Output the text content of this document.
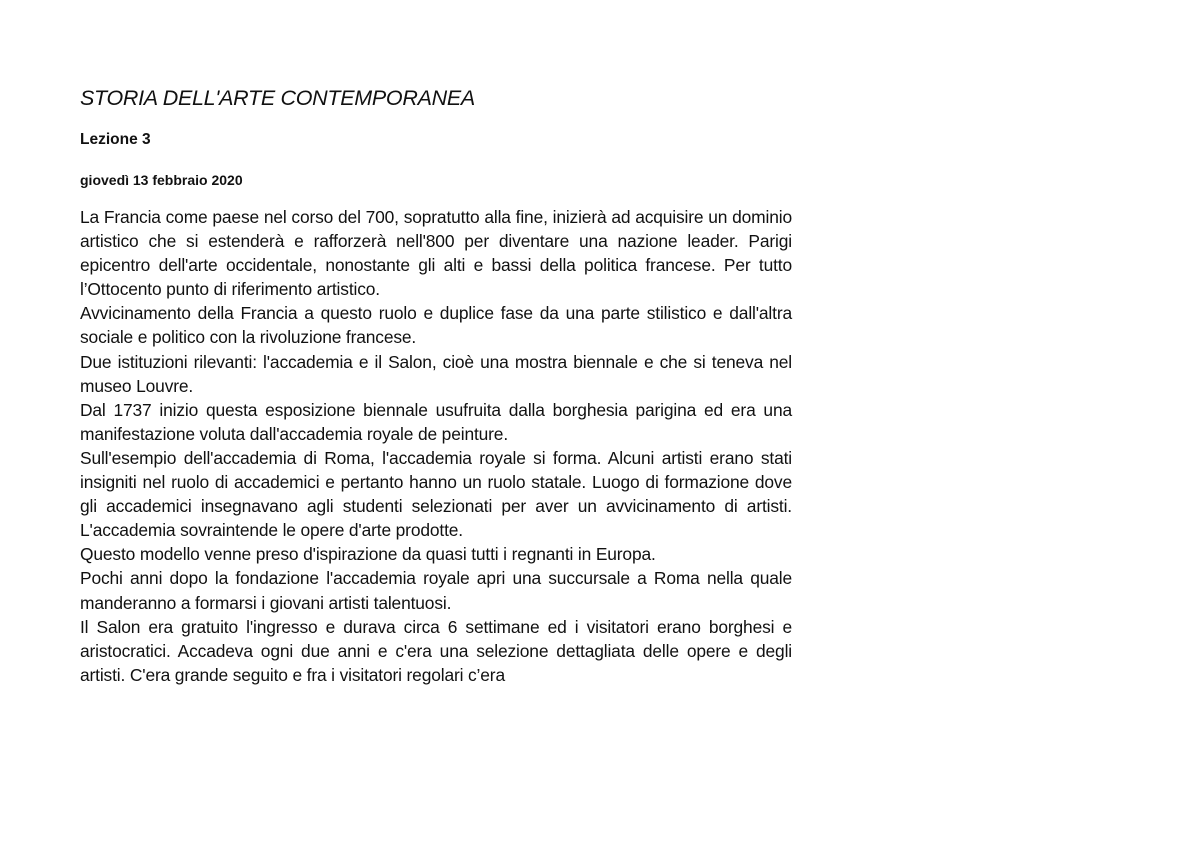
STORIA DELL'ARTE CONTEMPORANEA
Lezione 3
giovedì 13 febbraio 2020

La Francia come paese nel corso del 700, sopratutto alla fine, inizierà ad acquisire un dominio artistico che si estenderà e rafforzerà nell'800 per diventare una nazione leader. Parigi epicentro dell'arte occidentale, nonostante gli alti e bassi della politica francese. Per tutto l’Ottocento punto di riferimento artistico.

Avvicinamento della Francia a questo ruolo e duplice fase da una parte stilistico e dall'altra sociale e politico con la rivoluzione francese.

Due istituzioni rilevanti: l'accademia e il Salon, cioè una mostra biennale e che si teneva nel museo Louvre.

Dal 1737 inizio questa esposizione biennale usufruita dalla borghesia parigina ed era una manifestazione voluta dall'accademia royale de peinture.

Sull'esempio dell'accademia di Roma, l'accademia royale si forma. Alcuni artisti erano stati insigniti nel ruolo di accademici e pertanto hanno un ruolo statale. Luogo di formazione dove gli accademici insegnavano agli studenti selezionati per aver un avvicinamento di artisti. L'accademia sovraintende le opere d'arte prodotte.

Questo modello venne preso d'ispirazione da quasi tutti i regnanti in Europa.

Pochi anni dopo la fondazione l'accademia royale apri una succursale a Roma nella quale manderanno a formarsi i giovani artisti talentuosi.

Il Salon era gratuito l'ingresso e durava circa 6 settimane ed i visitatori erano borghesi e aristocratici. Accadeva ogni due anni e c'era una selezione dettagliata delle opere e degli artisti. C'era grande seguito e fra i visitatori regolari c’era
